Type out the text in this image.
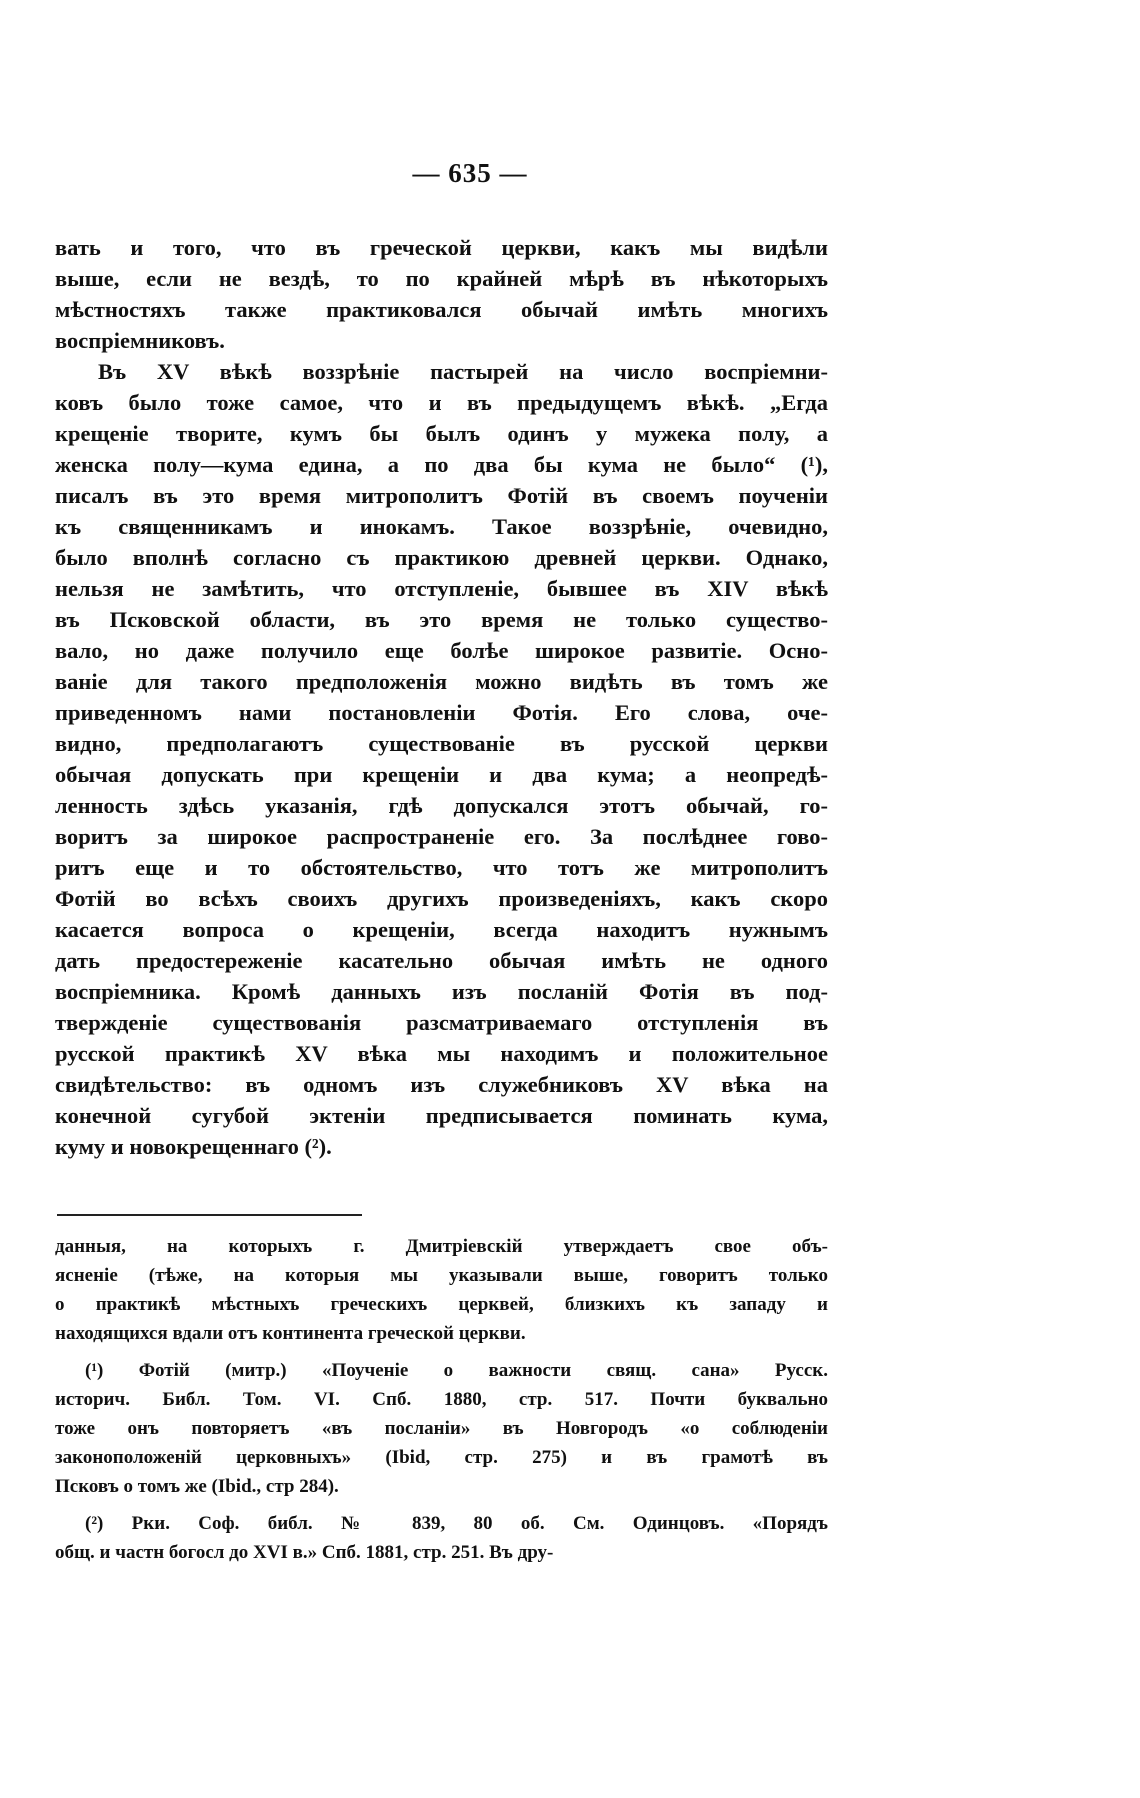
— 635 —
вать и того, что въ греческой церкви, какъ мы видѣли
выше, если не вездѣ, то по крайней мѣрѣ въ нѣкоторыхъ
мѣстностяхъ также практиковался обычай имѣть многихъ
воспріемниковъ.
Въ XV вѣкѣ воззрѣніе пастырей на число воспріемни-
ковъ было тоже самое, что и въ предыдущемъ вѣкѣ. „Егда
крещеніе творите, кумъ бы былъ одинъ у мужека полу, а
женска полу—кума едина, а по два бы кума не было“ (¹),
писалъ въ это время митрополитъ Фотій въ своемъ поученіи
къ священникамъ и инокамъ. Такое воззрѣніе, очевидно,
было вполнѣ согласно съ практикою древней церкви. Однако,
нельзя не замѣтить, что отступленіе, бывшее въ XIV вѣкѣ
въ Псковской области, въ это время не только существо-
вало, но даже получило еще болѣе широкое развитіе. Осно-
ваніе для такого предположенія можно видѣть въ томъ же
приведенномъ нами постановленіи Фотія. Его слова, оче-
видно, предполагаютъ существованіе въ русской церкви
обычая допускать при крещеніи и два кума; а неопредѣ-
ленность здѣсь указанія, гдѣ допускался этотъ обычай, го-
воритъ за широкое распространеніе его. За послѣднее гово-
ритъ еще и то обстоятельство, что тотъ же митрополитъ
Фотій во всѣхъ своихъ другихъ произведеніяхъ, какъ скоро
касается вопроса о крещеніи, всегда находитъ нужнымъ
дать предостереженіе касательно обычая имѣть не одного
воспріемника. Кромѣ данныхъ изъ посланій Фотія въ под-
твержденіе существованія разсматриваемаго отступленія въ
русской практикѣ XV вѣка мы находимъ и положительное
свидѣтельство: въ одномъ изъ служебниковъ XV вѣка на
конечной сугубой эктеніи предписывается поминать кума,
куму и новокрещеннаго (²).
данныя, на которыхъ г. Дмитріевскій утверждаетъ свое объ-
ясненіе (тѣже, на которыя мы указывали выше, говоритъ только
о практикѣ мѣстныхъ греческихъ церквей, близкихъ къ западу и
находящихся вдали отъ континента греческой церкви.
(¹) Фотій (митр.) «Поученіе о важности свящ. сана» Русск.
историч. Библ. Том. VI. Спб. 1880, стр. 517. Почти буквально
тоже онъ повторяетъ «въ посланіи» въ Новгородъ «о соблюденіи
законоположеній церковныхъ» (Ibid, стр. 275) и въ грамотѣ въ
Псковъ о томъ же (Ibid., стр 284).
(²) Рки. Соф. библ. № 839, 80 об. См. Одинцовъ. «Порядъ
общ. и частн богосл до XVI в.» Спб. 1881, стр. 251. Въ дру-
